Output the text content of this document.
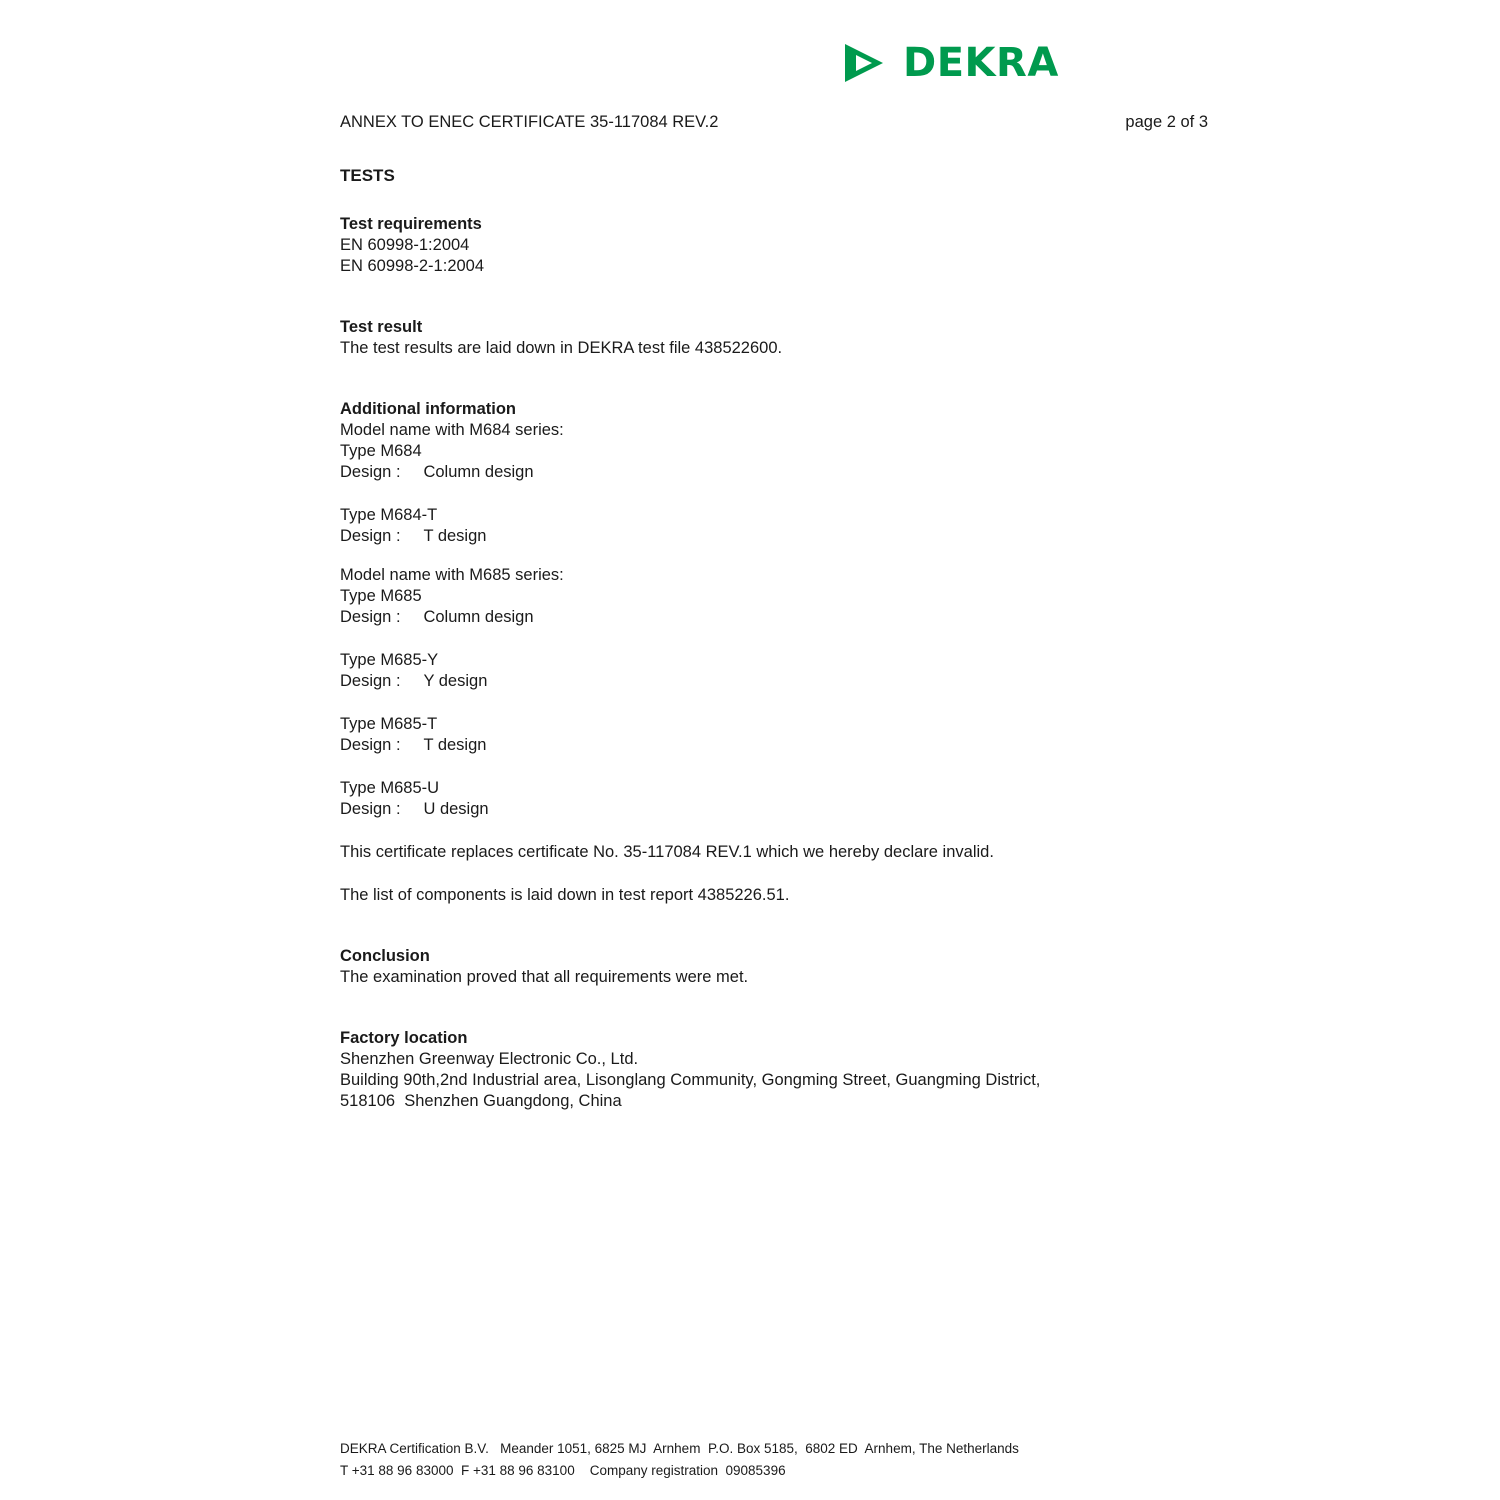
DEKRA
ANNEX TO ENEC CERTIFICATE 35-117084 REV.2	page 2 of 3

TESTS

Test requirements

EN 60998-1:2004

EN 60998-2-1:2004

Test result

The test results are laid down in DEKRA test file 438522600.

Additional information

Model name with M684 series:

Type M684

Design : Column design

Type M684-T

Design : T design

Model name with M685 series:

Type M685

Design : Column design

Type M685-Y

Design : Y design

Type M685-T

Design : T design

Type M685-U

Design : U design

This certificate replaces certificate No. 35-117084 REV.1 which we hereby declare invalid.

The list of components is laid down in test report 4385226.51.

Conclusion

The examination proved that all requirements were met.

Factory location

Shenzhen Greenway Electronic Co., Ltd.

Building 90th,2nd Industrial area, Lisonglang Community, Gongming Street, Guangming District,

518106  Shenzhen Guangdong, China

DEKRA Certification B.V.   Meander 1051, 6825 MJ  Arnhem  P.O. Box 5185,  6802 ED  Arnhem, The Netherlands
T +31 88 96 83000  F +31 88 96 83100    Company registration  09085396
